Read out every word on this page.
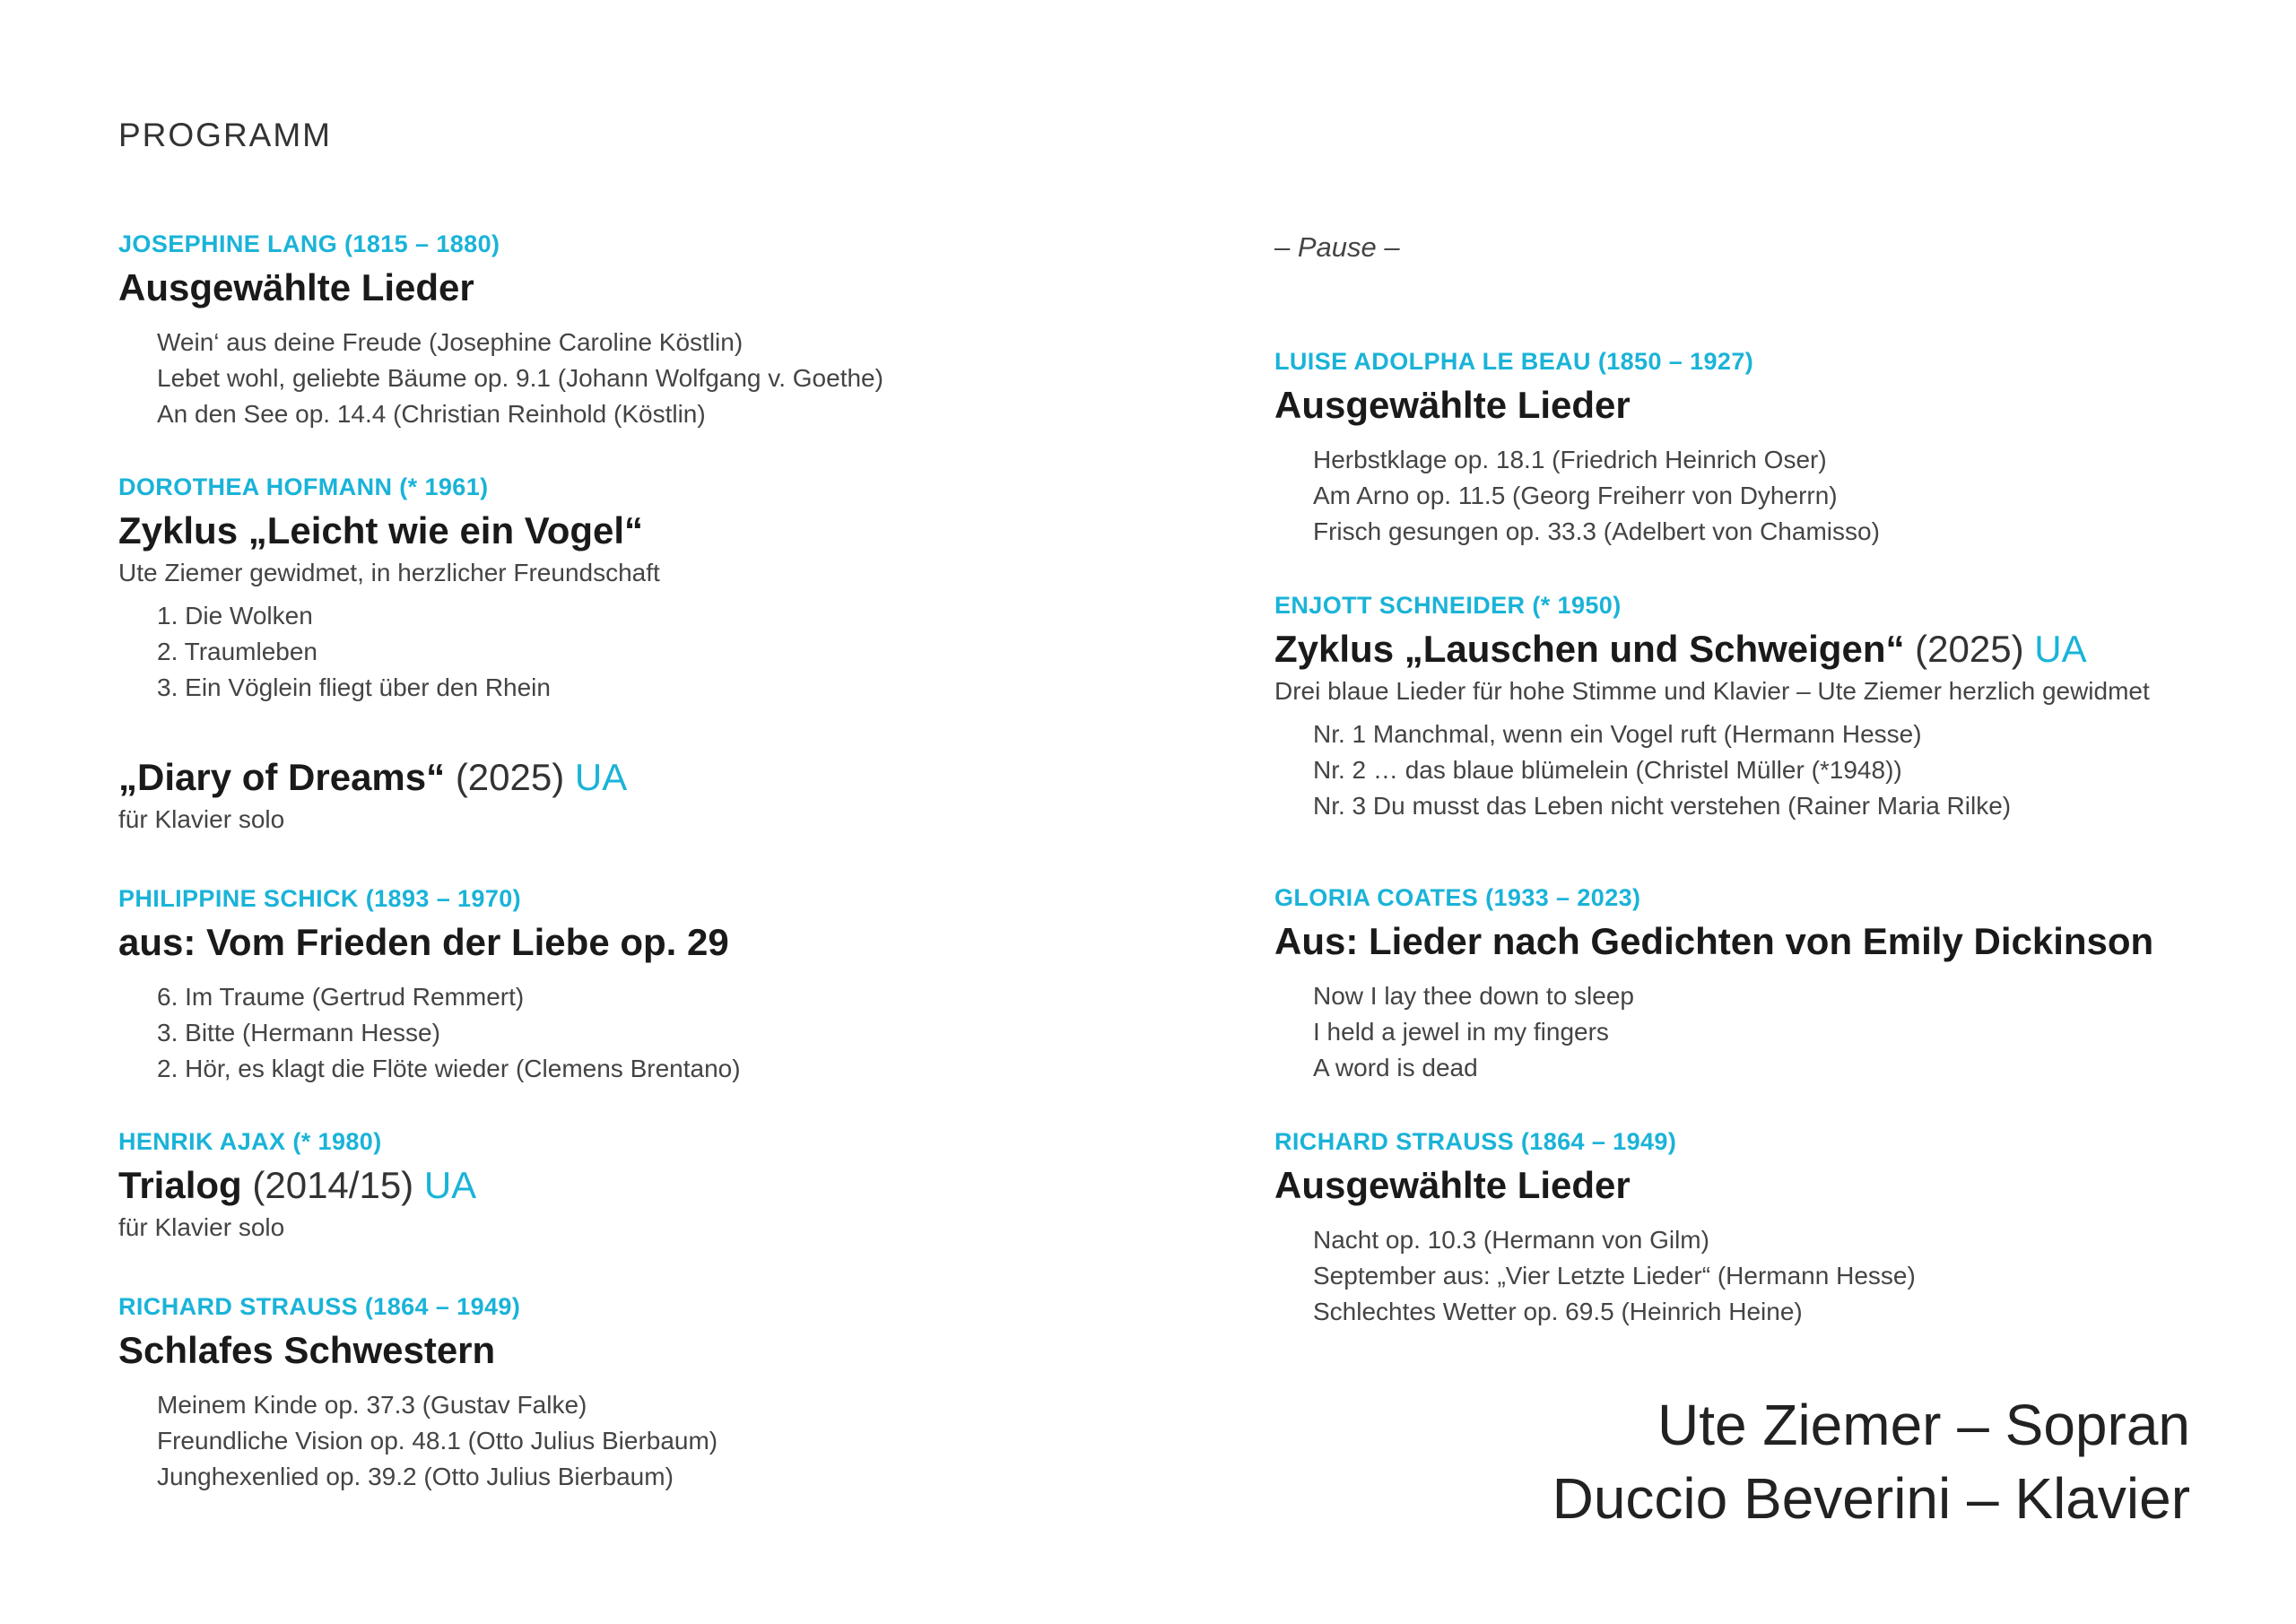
PROGRAMM
JOSEPHINE LANG (1815 – 1880)
Ausgewählte Lieder
Wein‘ aus deine Freude (Josephine Caroline Köstlin)
Lebet wohl, geliebte Bäume op. 9.1 (Johann Wolfgang v. Goethe)
An den See op. 14.4 (Christian Reinhold (Köstlin)
DOROTHEA HOFMANN (* 1961)
Zyklus „Leicht wie ein Vogel“
Ute Ziemer gewidmet, in herzlicher Freundschaft
1. Die Wolken
2. Traumleben
3. Ein Vöglein fliegt über den Rhein
„Diary of Dreams“ (2025) UA
für Klavier solo
PHILIPPINE SCHICK (1893 – 1970)
aus: Vom Frieden der Liebe op. 29
6. Im Traume (Gertrud Remmert)
3. Bitte (Hermann Hesse)
2. Hör, es klagt die Flöte wieder (Clemens Brentano)
HENRIK AJAX (* 1980)
Trialog (2014/15) UA
für Klavier solo
RICHARD STRAUSS (1864 – 1949)
Schlafes Schwestern
Meinem Kinde op. 37.3 (Gustav Falke)
Freundliche Vision op. 48.1 (Otto Julius Bierbaum)
Junghexenlied op. 39.2 (Otto Julius Bierbaum)
– Pause –
LUISE ADOLPHA LE BEAU (1850 – 1927)
Ausgewählte Lieder
Herbstklage op. 18.1 (Friedrich Heinrich Oser)
Am Arno op. 11.5 (Georg Freiherr von Dyherrn)
Frisch gesungen op. 33.3 (Adelbert von Chamisso)
ENJOTT SCHNEIDER (* 1950)
Zyklus „Lauschen und Schweigen“ (2025) UA
Drei blaue Lieder für hohe Stimme und Klavier – Ute Ziemer herzlich gewidmet
Nr. 1 Manchmal, wenn ein Vogel ruft (Hermann Hesse)
Nr. 2 … das blaue blümelein (Christel Müller (*1948))
Nr. 3 Du musst das Leben nicht verstehen (Rainer Maria Rilke)
GLORIA COATES (1933 – 2023)
Aus: Lieder nach Gedichten von Emily Dickinson
Now I lay thee down to sleep
I held a jewel in my fingers
A word is dead
RICHARD STRAUSS (1864 – 1949)
Ausgewählte Lieder
Nacht op. 10.3 (Hermann von Gilm)
September aus: „Vier Letzte Lieder“ (Hermann Hesse)
Schlechtes Wetter op. 69.5 (Heinrich Heine)
Ute Ziemer – Sopran
Duccio Beverini – Klavier
